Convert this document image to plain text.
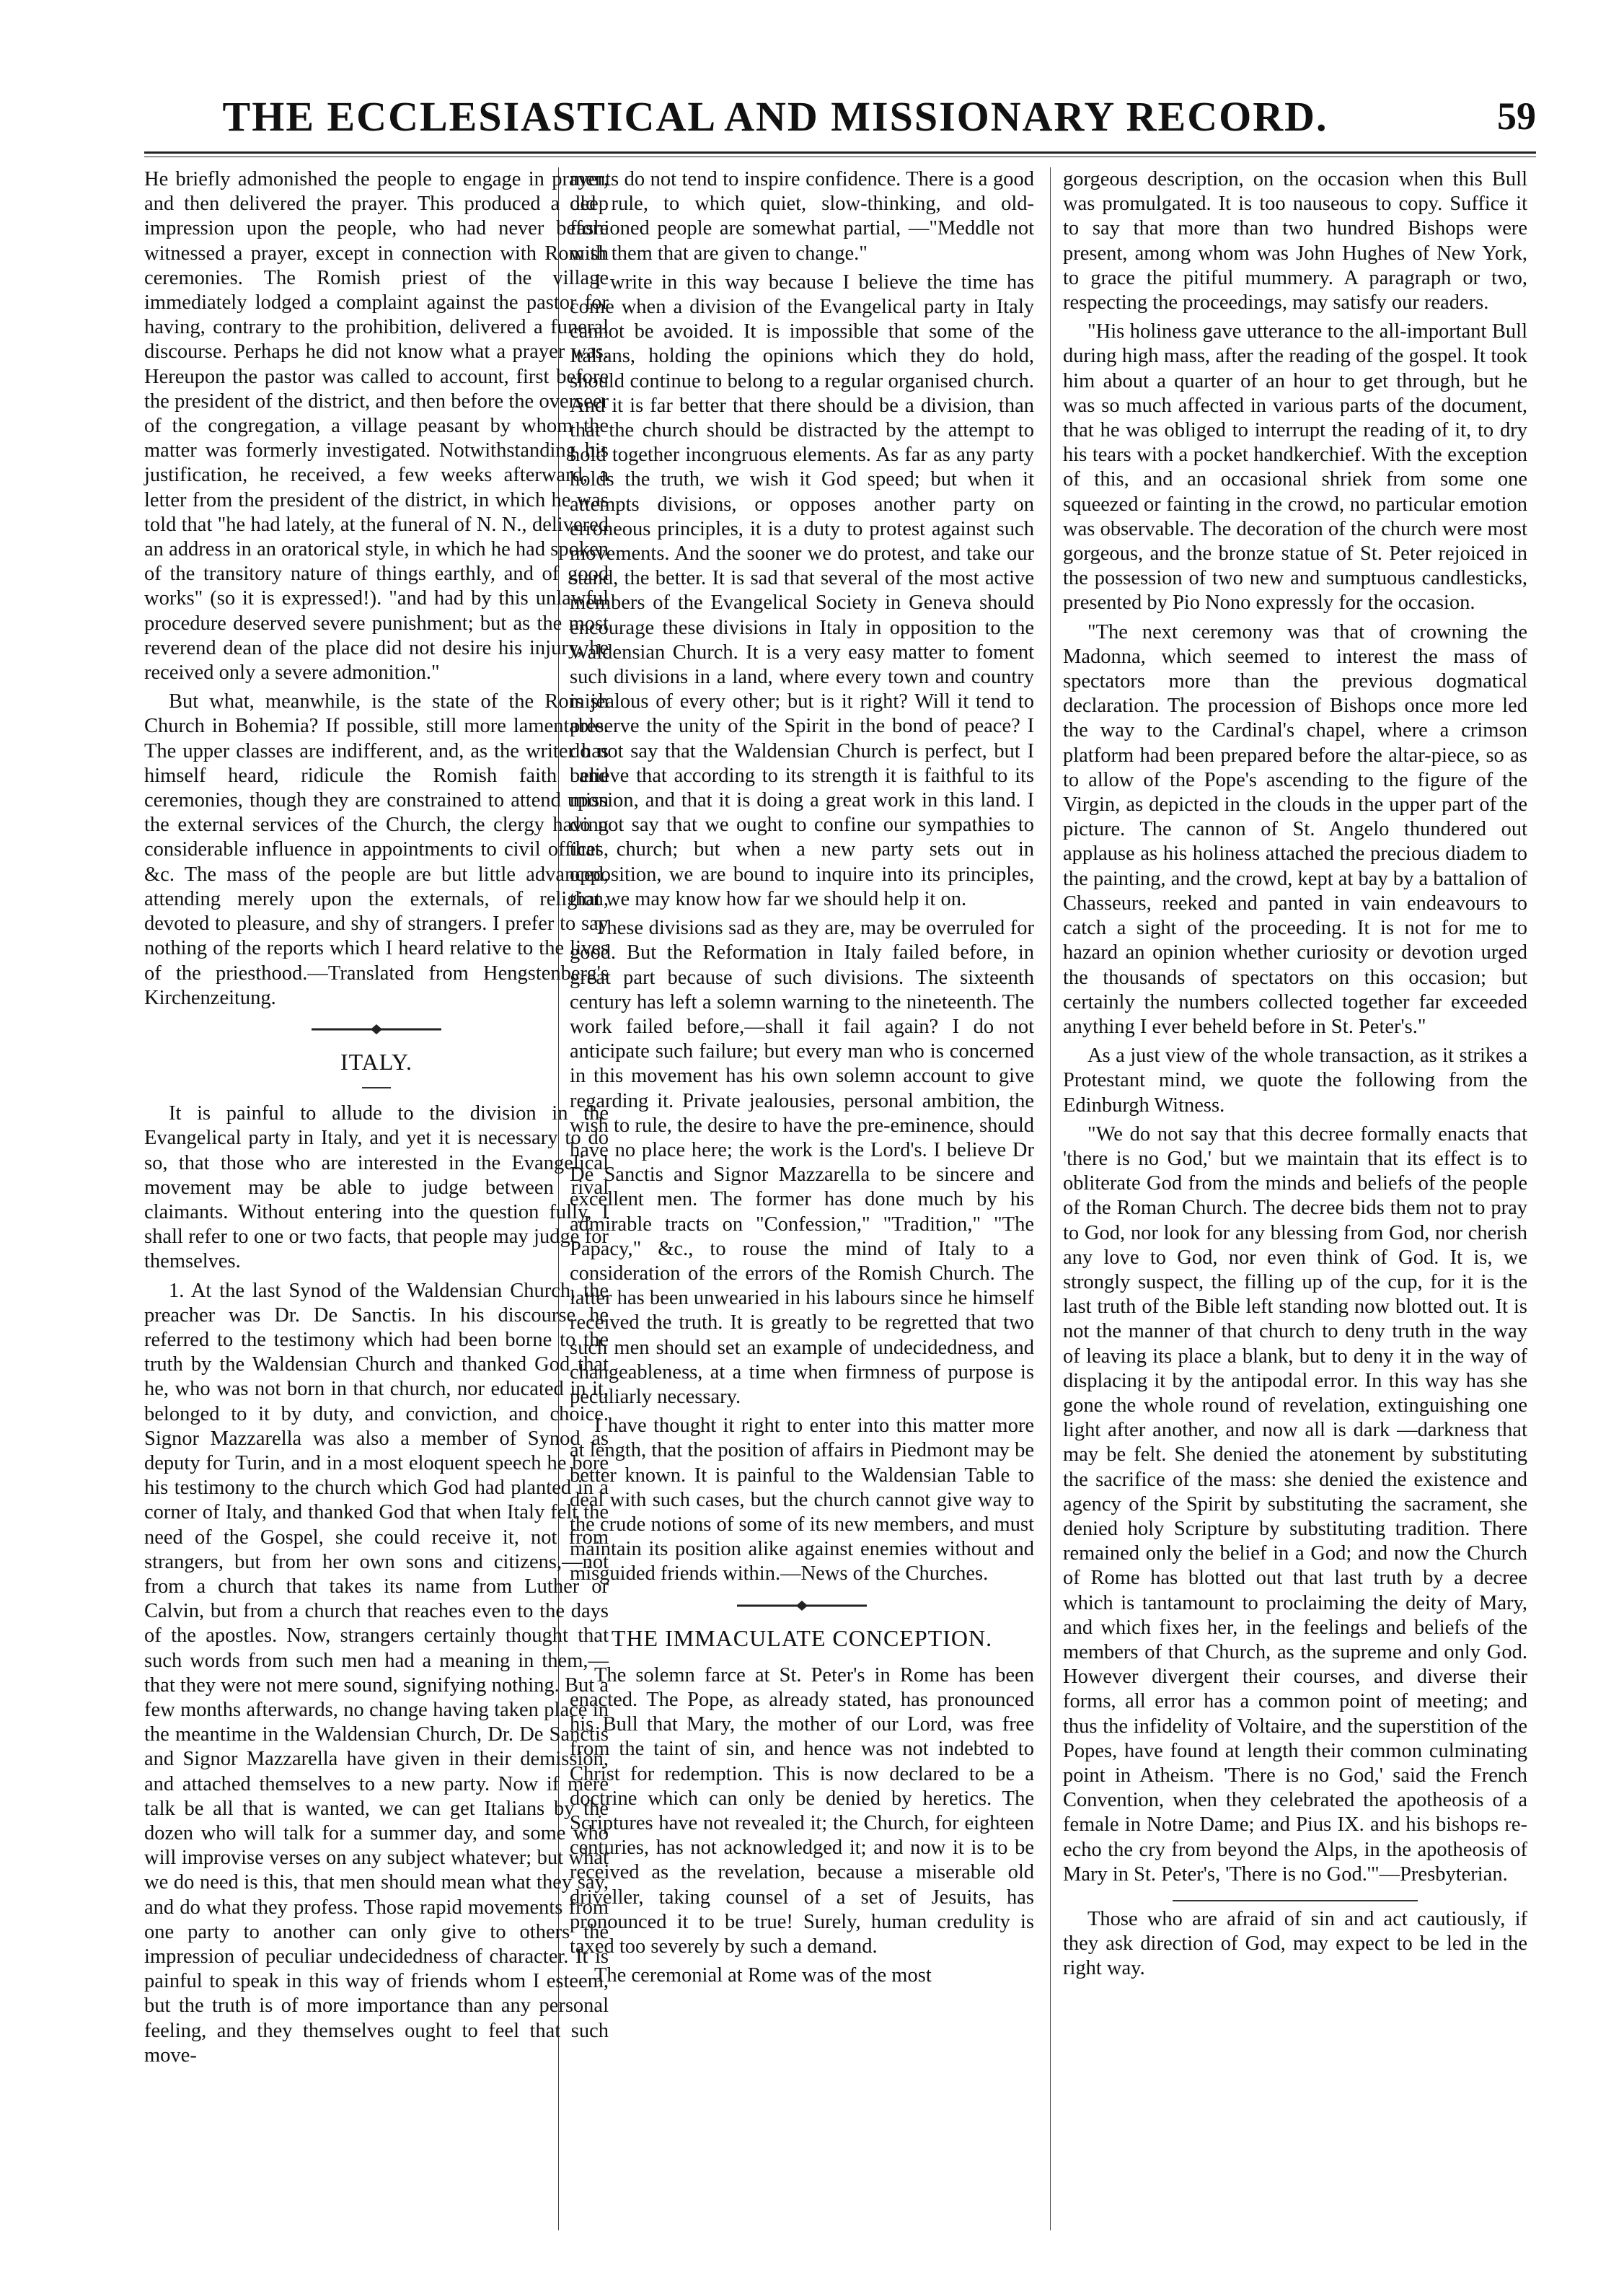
THE ECCLESIASTICAL AND MISSIONARY RECORD.	59

He briefly admonished the people to engage in prayer, and then delivered the prayer. This produced a deep impression upon the people, who had never before witnessed a prayer, except in connection with Romish ceremonies. The Romish priest of the village immediately lodged a complaint against the pastor for having, contrary to the prohibition, delivered a funeral discourse. Perhaps he did not know what a prayer was. Hereupon the pastor was called to account, first before the president of the district, and then before the overseer of the congregation, a village peasant by whom the matter was formerly investigated. Notwithstanding his justification, he received, a few weeks afterward, a letter from the president of the district, in which he was told that "he had lately, at the funeral of N. N., delivered an address in an oratorical style, in which he had spoken of the transitory nature of things earthly, and of good works" (so it is expressed!). "and had by this unlawful procedure deserved severe punishment; but as the most reverend dean of the place did not desire his injury, he received only a severe admonition."

But what, meanwhile, is the state of the Romish Church in Bohemia? If possible, still more lamentable. The upper classes are indifferent, and, as the writer has himself heard, ridicule the Romish faith and ceremonies, though they are constrained to attend upon the external services of the Church, the clergy having considerable influence in appointments to civil offices, &c. The mass of the people are but little advanced, attending merely upon the externals, of religion, devoted to pleasure, and shy of strangers. I prefer to say nothing of the reports which I heard relative to the lives of the priesthood.—Translated from Hengstenberg's Kirchenzeitung.

ITALY.

It is painful to allude to the division in the Evangelical party in Italy, and yet it is necessary to do so, that those who are interested in the Evangelical movement may be able to judge between rival claimants. Without entering into the question fully, I shall refer to one or two facts, that people may judge for themselves.

1. At the last Synod of the Waldensian Church, the preacher was Dr. De Sanctis. In his discourse he referred to the testimony which had been borne to the truth by the Waldensian Church and thanked God that he, who was not born in that church, nor educated in it, belonged to it by duty, and conviction, and choice. Signor Mazzarella was also a member of Synod as deputy for Turin, and in a most eloquent speech he bore his testimony to the church which God had planted in a corner of Italy, and thanked God that when Italy felt the need of the Gospel, she could receive it, not from strangers, but from her own sons and citizens,—not from a church that takes its name from Luther or Calvin, but from a church that reaches even to the days of the apostles. Now, strangers certainly thought that such words from such men had a meaning in them,—that they were not mere sound, signifying nothing. But a few months afterwards, no change having taken place in the meantime in the Waldensian Church, Dr. De Sanctis and Signor Mazzarella have given in their demission, and attached themselves to a new party. Now if mere talk be all that is wanted, we can get Italians by the dozen who will talk for a summer day, and some who will improvise verses on any subject whatever; but what we do need is this, that men should mean what they say, and do what they profess. Those rapid movements from one party to another can only give to others the impression of peculiar undecidedness of character. It is painful to speak in this way of friends whom I esteem, but the truth is of more importance than any personal feeling, and they themselves ought to feel that such move-

ments do not tend to inspire confidence. There is a good old rule, to which quiet, slow-thinking, and old-fashioned people are somewhat partial, —"Meddle not with them that are given to change."

I write in this way because I believe the time has come when a division of the Evangelical party in Italy cannot be avoided. It is impossible that some of the Italians, holding the opinions which they do hold, should continue to belong to a regular organised church. And it is far better that there should be a division, than that the church should be distracted by the attempt to hold together incongruous elements. As far as any party holds the truth, we wish it God speed; but when it attempts divisions, or opposes another party on erroneous principles, it is a duty to protest against such movements. And the sooner we do protest, and take our stand, the better. It is sad that several of the most active members of the Evangelical Society in Geneva should encourage these divisions in Italy in opposition to the Waldensian Church. It is a very easy matter to foment such divisions in a land, where every town and country is jealous of every other; but is it right? Will it tend to preserve the unity of the Spirit in the bond of peace? I do not say that the Waldensian Church is perfect, but I believe that according to its strength it is faithful to its mission, and that it is doing a great work in this land. I do not say that we ought to confine our sympathies to that church; but when a new party sets out in opposition, we are bound to inquire into its principles, that we may know how far we should help it on.

These divisions sad as they are, may be overruled for good. But the Reformation in Italy failed before, in great part because of such divisions. The sixteenth century has left a solemn warning to the nineteenth. The work failed before,—shall it fail again? I do not anticipate such failure; but every man who is concerned in this movement has his own solemn account to give regarding it. Private jealousies, personal ambition, the wish to rule, the desire to have the pre-eminence, should have no place here; the work is the Lord's. I believe Dr De Sanctis and Signor Mazzarella to be sincere and excellent men. The former has done much by his admirable tracts on "Confession," "Tradition," "The Papacy," &c., to rouse the mind of Italy to a consideration of the errors of the Romish Church. The latter has been unwearied in his labours since he himself received the truth. It is greatly to be regretted that two such men should set an example of undecidedness, and changeableness, at a time when firmness of purpose is peculiarly necessary.

I have thought it right to enter into this matter more at length, that the position of affairs in Piedmont may be better known. It is painful to the Waldensian Table to deal with such cases, but the church cannot give way to the crude notions of some of its new members, and must maintain its position alike against enemies without and misguided friends within.—News of the Churches.

THE IMMACULATE CONCEPTION.

The solemn farce at St. Peter's in Rome has been enacted. The Pope, as already stated, has pronounced his Bull that Mary, the mother of our Lord, was free from the taint of sin, and hence was not indebted to Christ for redemption. This is now declared to be a doctrine which can only be denied by heretics. The Scriptures have not revealed it; the Church, for eighteen centuries, has not acknowledged it; and now it is to be received as the revelation, because a miserable old driveller, taking counsel of a set of Jesuits, has pronounced it to be true! Surely, human credulity is taxed too severely by such a demand.

The ceremonial at Rome was of the most

gorgeous description, on the occasion when this Bull was promulgated. It is too nauseous to copy. Suffice it to say that more than two hundred Bishops were present, among whom was John Hughes of New York, to grace the pitiful mummery. A paragraph or two, respecting the proceedings, may satisfy our readers.

"His holiness gave utterance to the all-important Bull during high mass, after the reading of the gospel. It took him about a quarter of an hour to get through, but he was so much affected in various parts of the document, that he was obliged to interrupt the reading of it, to dry his tears with a pocket handkerchief. With the exception of this, and an occasional shriek from some one squeezed or fainting in the crowd, no particular emotion was observable. The decoration of the church were most gorgeous, and the bronze statue of St. Peter rejoiced in the possession of two new and sumptuous candlesticks, presented by Pio Nono expressly for the occasion.

"The next ceremony was that of crowning the Madonna, which seemed to interest the mass of spectators more than the previous dogmatical declaration. The procession of Bishops once more led the way to the Cardinal's chapel, where a crimson platform had been prepared before the altar-piece, so as to allow of the Pope's ascending to the figure of the Virgin, as depicted in the clouds in the upper part of the picture. The cannon of St. Angelo thundered out applause as his holiness attached the precious diadem to the painting, and the crowd, kept at bay by a battalion of Chasseurs, reeked and panted in vain endeavours to catch a sight of the proceeding. It is not for me to hazard an opinion whether curiosity or devotion urged the thousands of spectators on this occasion; but certainly the numbers collected together far exceeded anything I ever beheld before in St. Peter's."

As a just view of the whole transaction, as it strikes a Protestant mind, we quote the following from the Edinburgh Witness.

"We do not say that this decree formally enacts that 'there is no God,' but we maintain that its effect is to obliterate God from the minds and beliefs of the people of the Roman Church. The decree bids them not to pray to God, nor look for any blessing from God, nor cherish any love to God, nor even think of God. It is, we strongly suspect, the filling up of the cup, for it is the last truth of the Bible left standing now blotted out. It is not the manner of that church to deny truth in the way of leaving its place a blank, but to deny it in the way of displacing it by the antipodal error. In this way has she gone the whole round of revelation, extinguishing one light after another, and now all is dark —darkness that may be felt. She denied the atonement by substituting the sacrifice of the mass: she denied the existence and agency of the Spirit by substituting the sacrament, she denied holy Scripture by substituting tradition. There remained only the belief in a God; and now the Church of Rome has blotted out that last truth by a decree which is tantamount to proclaiming the deity of Mary, and which fixes her, in the feelings and beliefs of the members of that Church, as the supreme and only God. However divergent their courses, and diverse their forms, all error has a common point of meeting; and thus the infidelity of Voltaire, and the superstition of the Popes, have found at length their common culminating point in Atheism. 'There is no God,' said the French Convention, when they celebrated the apotheosis of a female in Notre Dame; and Pius IX. and his bishops re-echo the cry from beyond the Alps, in the apotheosis of Mary in St. Peter's, 'There is no God.'"—Presbyterian.

Those who are afraid of sin and act cautiously, if they ask direction of God, may expect to be led in the right way.
